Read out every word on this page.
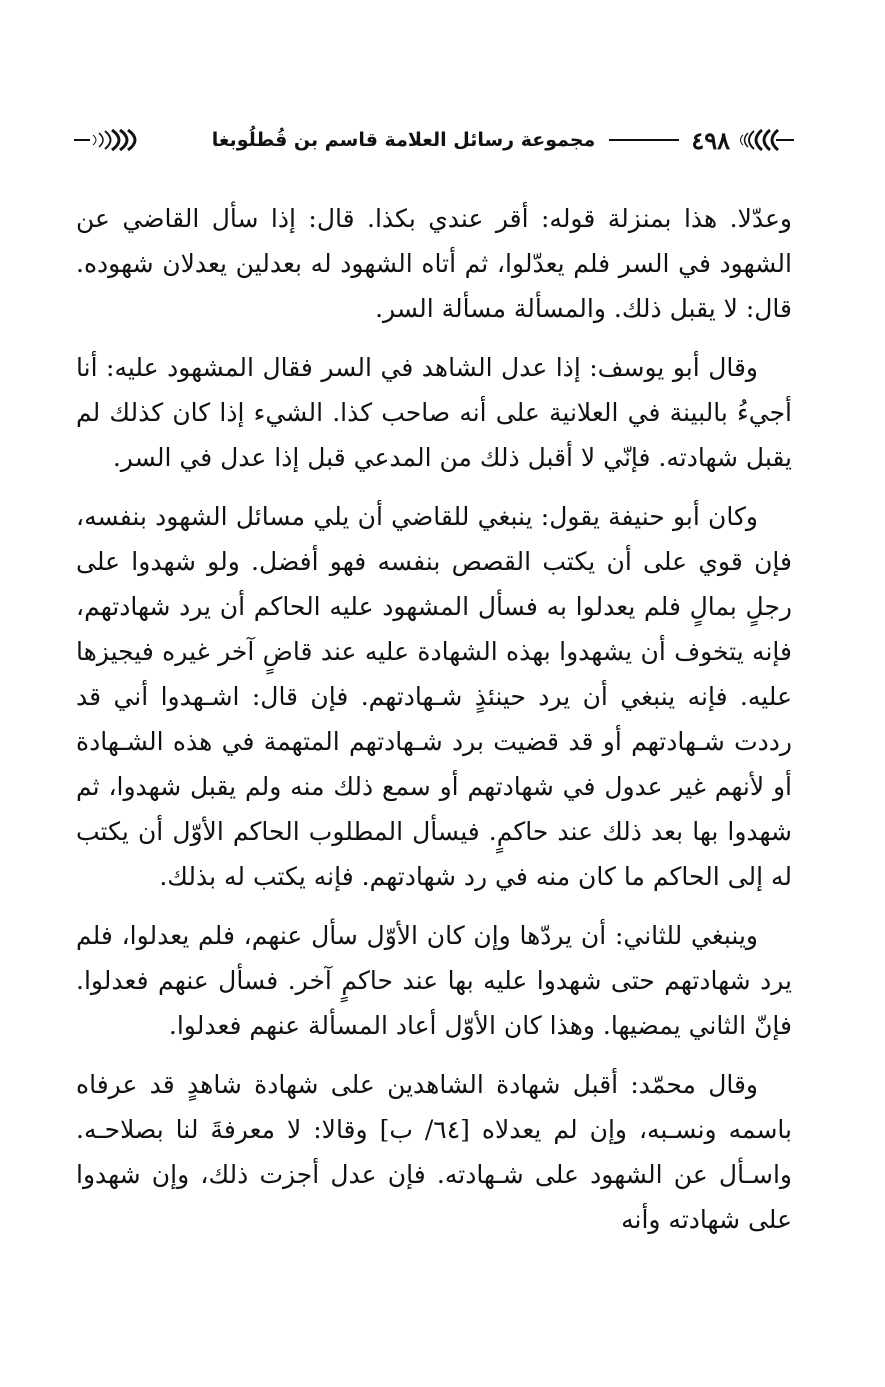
٤٩٨
مجموعة رسائل العلامة قاسم بن قُطلُوبغا

وعدّلا. هذا بمنزلة قوله: أقر عندي بكذا. قال: إذا سأل القاضي عن الشهود في السر فلم يعدّلوا، ثم أتاه الشهود له بعدلين يعدلان شهوده. قال: لا يقبل ذلك. والمسألة مسألة السر.

وقال أبو يوسف: إذا عدل الشاهد في السر فقال المشهود عليه: أنا أجيءُ بالبينة في العلانية على أنه صاحب كذا. الشيء إذا كان كذلك لم يقبل شهادته. فإنّي لا أقبل ذلك من المدعي قبل إذا عدل في السر.

وكان أبو حنيفة يقول: ينبغي للقاضي أن يلي مسائل الشهود بنفسه، فإن قوي على أن يكتب القصص بنفسه فهو أفضل. ولو شهدوا على رجلٍ بمالٍ فلم يعدلوا به فسأل المشهود عليه الحاكم أن يرد شهادتهم، فإنه يتخوف أن يشهدوا بهذه الشهادة عليه عند قاضٍ آخر غيره فيجيزها عليه. فإنه ينبغي أن يرد حينئذٍ شـهادتهم. فإن قال: اشـهدوا أني قد رددت شـهادتهم أو قد قضيت برد شـهادتهم المتهمة في هذه الشـهادة أو لأنهم غير عدول في شهادتهم أو سمع ذلك منه ولم يقبل شهدوا، ثم شهدوا بها بعد ذلك عند حاكمٍ. فيسأل المطلوب الحاكم الأوّل أن يكتب له إلى الحاكم ما كان منه في رد شهادتهم. فإنه يكتب له بذلك.

وينبغي للثاني: أن يردّها وإن كان الأوّل سأل عنهم، فلم يعدلوا، فلم يرد شهادتهم حتى شهدوا عليه بها عند حاكمٍ آخر. فسأل عنهم فعدلوا. فإنّ الثاني يمضيها. وهذا كان الأوّل أعاد المسألة عنهم فعدلوا.

وقال محمّد: أقبل شهادة الشاهدين على شهادة شاهدٍ قد عرفاه باسمه ونسـبه، وإن لم يعدلاه [٦٤/ ب] وقالا: لا معرفةَ لنا بصلاحـه. واسـأل عن الشهود على شـهادته. فإن عدل أجزت ذلك، وإن شهدوا على شهادته وأنه
